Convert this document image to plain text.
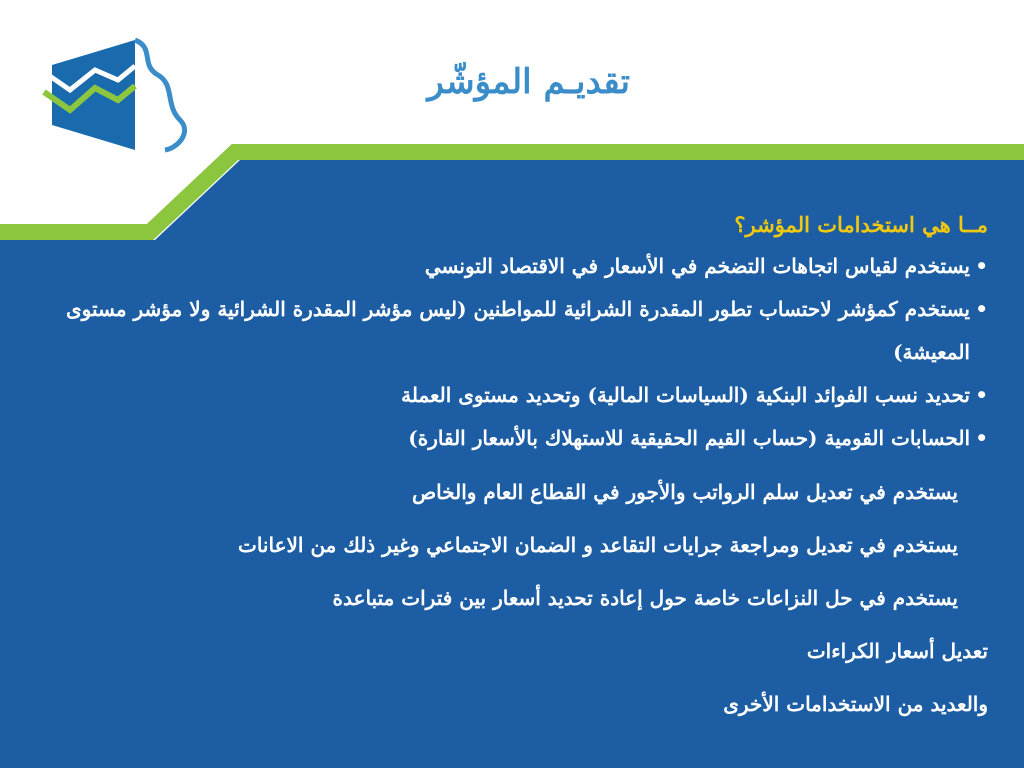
تقديـم المؤشّر
مــا هي استخدامات المؤشر؟
• يستخدم لقياس اتجاهات التضخم في الأسعار في الاقتصاد التونسي
• يستخدم كمؤشر لاحتساب تطور المقدرة الشرائية للمواطنين (ليس مؤشر المقدرة الشرائية ولا مؤشر مستوى المعيشة)
• تحديد نسب الفوائد البنكية (السياسات المالية) وتحديد مستوى العملة
• الحسابات القومية (حساب القيم الحقيقية للاستهلاك بالأسعار القارة)
يستخدم في تعديل سلم الرواتب والأجور في القطاع العام والخاص
يستخدم في تعديل ومراجعة جرايات التقاعد و الضمان الاجتماعي وغير ذلك من الاعانات
يستخدم في حل النزاعات خاصة حول إعادة تحديد أسعار بين فترات متباعدة
تعديل أسعار الكراءات
والعديد من الاستخدامات الأخرى
